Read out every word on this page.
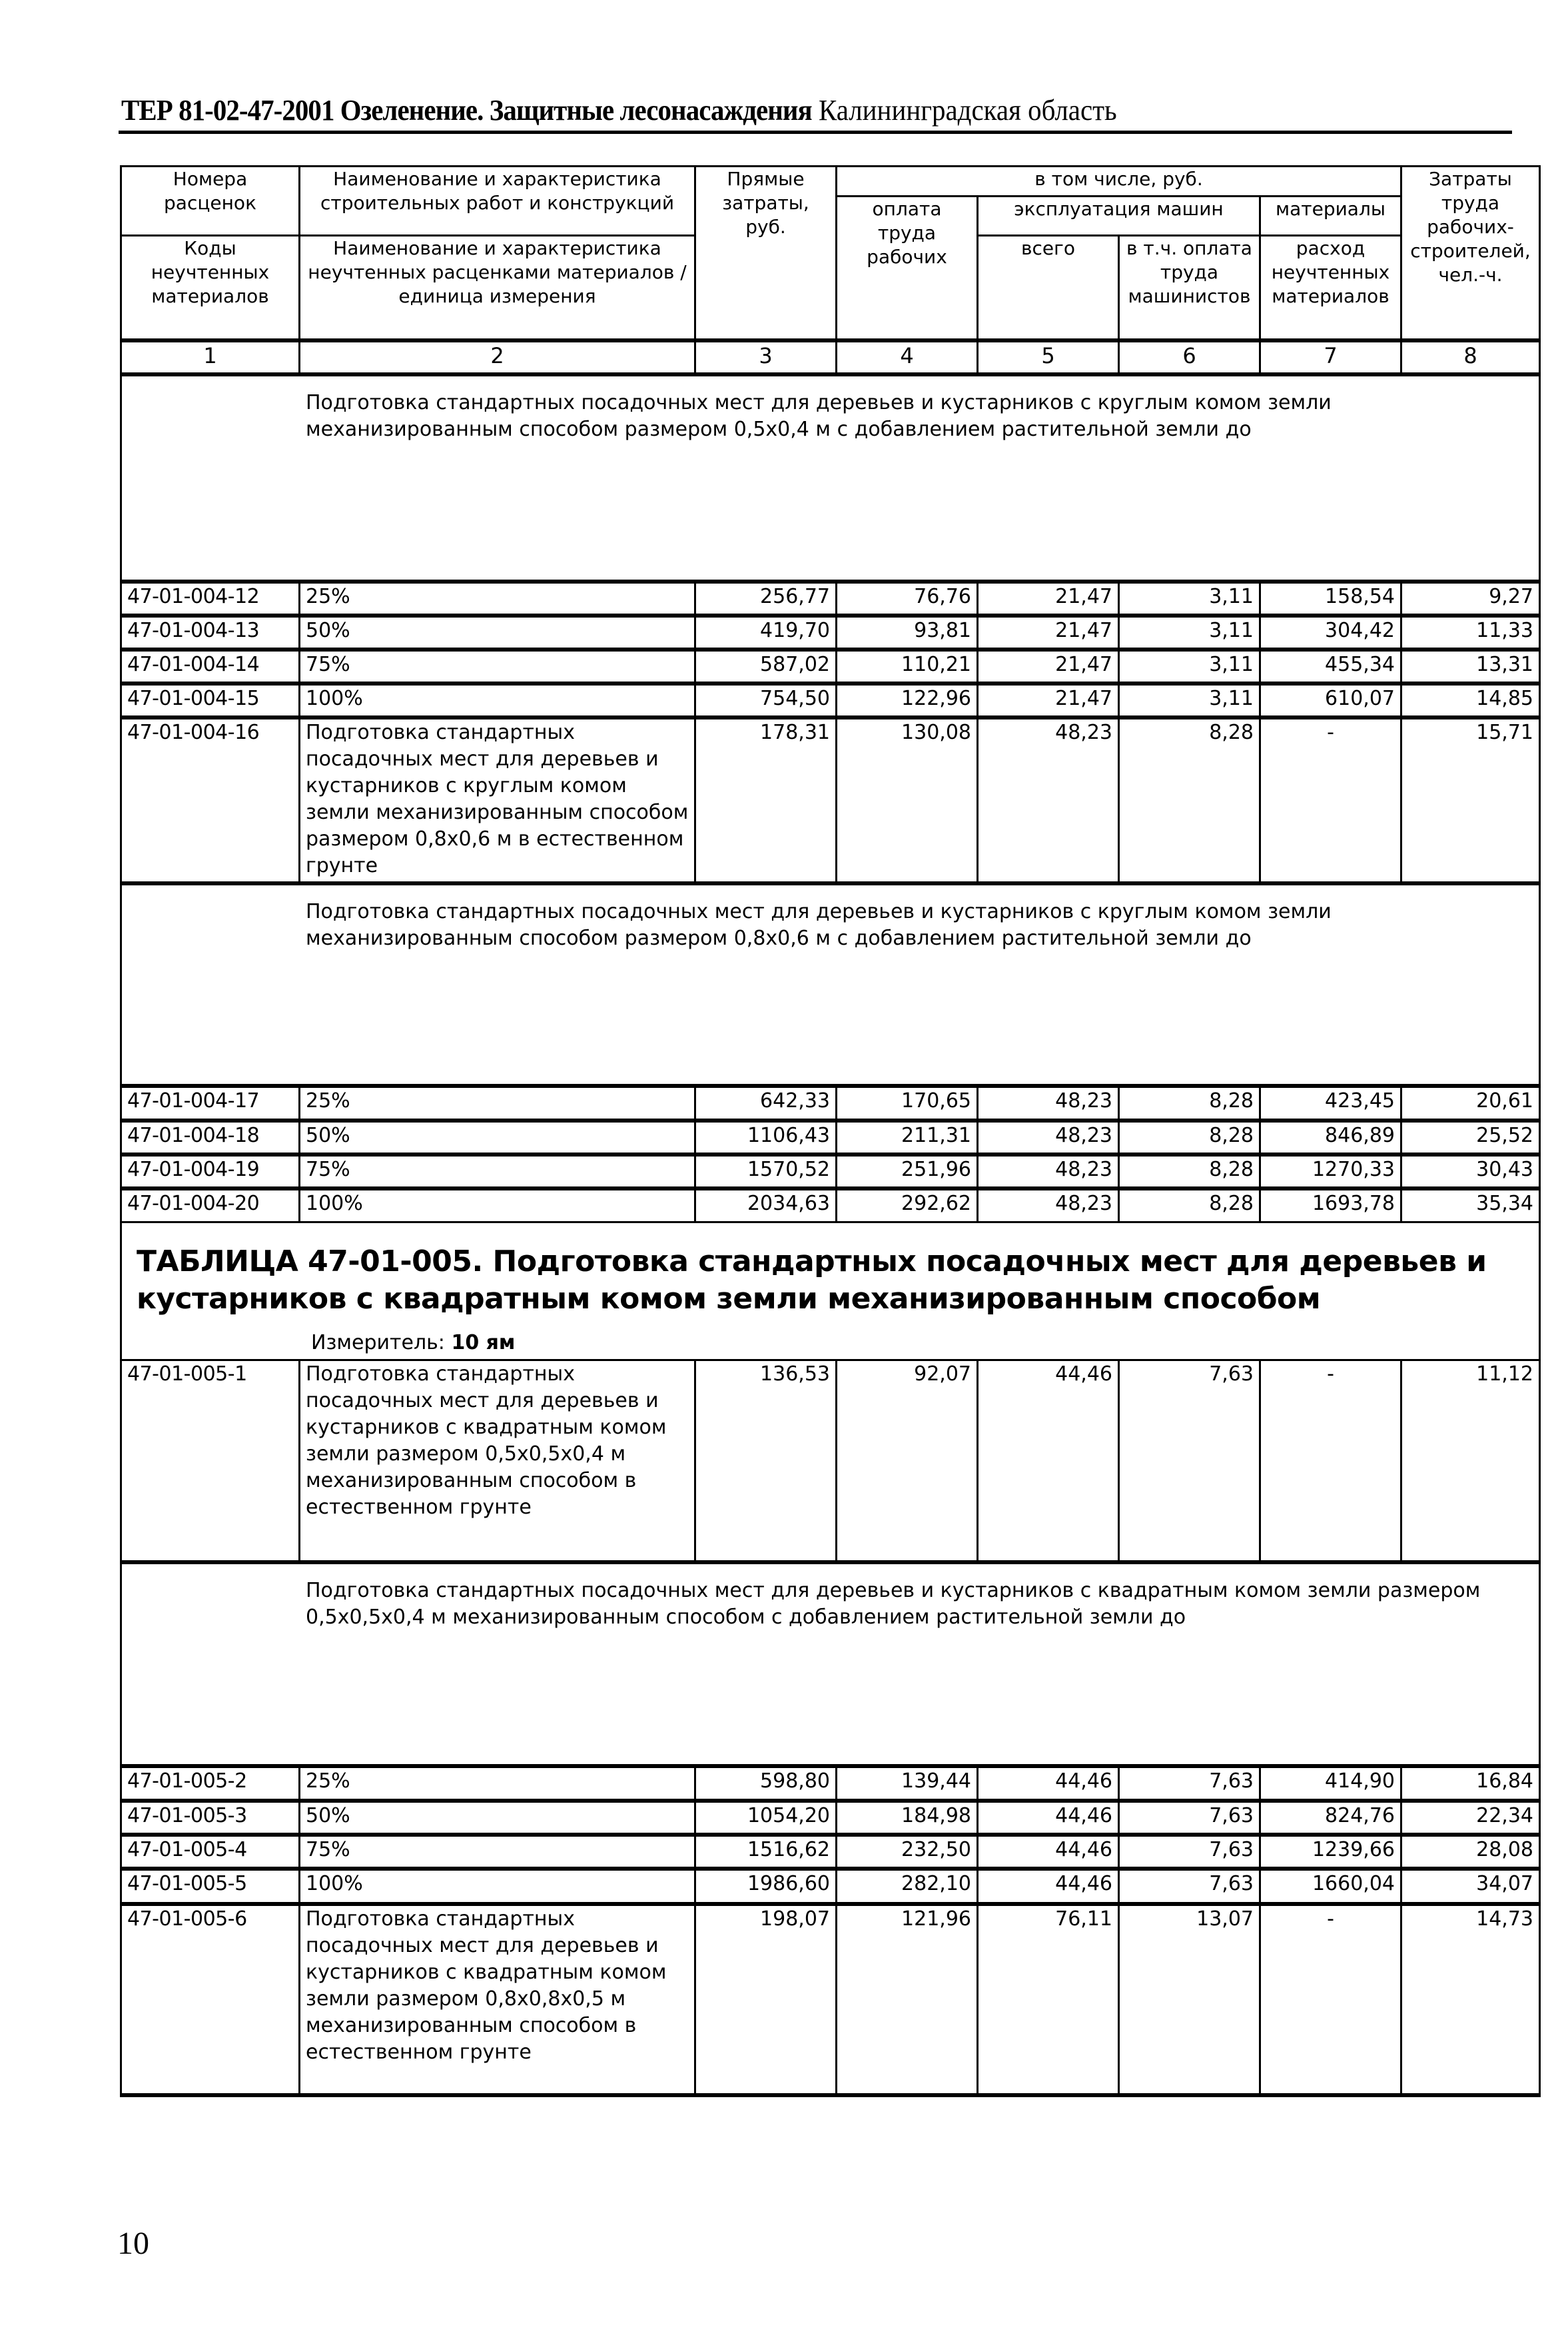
ТЕР 81-02-47-2001 Озеленение. Защитные лесонасаждения Калининградская область
Номера расценок	Наименование и характеристика строительных работ и конструкций	Прямые затраты, руб.	в том числе, руб.				Затраты труда рабочих-строителей, чел.-ч.
			оплата труда рабочих	эксплуатация машин		материалы	
Коды неучтенных материалов	Наименование и характеристика неучтенных расценками материалов / единица измерения			всего	в т.ч. оплата труда машинистов	расход неучтенных материалов	

1	2	3	4	5	6	7	8
Подготовка стандартных посадочных мест для деревьев и кустарников с круглым комом земли механизированным способом размером 0,5х0,4 м с добавлением растительной земли до							
47-01-004-12	25%	256,77	76,76	21,47	3,11	158,54	9,27
47-01-004-13	50%	419,70	93,81	21,47	3,11	304,42	11,33
47-01-004-14	75%	587,02	110,21	21,47	3,11	455,34	13,31
47-01-004-15	100%	754,50	122,96	21,47	3,11	610,07	14,85
47-01-004-16	Подготовка стандартных посадочных мест для деревьев и кустарников с круглым комом земли механизированным способом размером 0,8х0,6 м в естественном грунте	178,31	130,08	48,23	8,28	-	15,71
Подготовка стандартных посадочных мест для деревьев и кустарников с круглым комом земли механизированным способом размером 0,8х0,6 м с добавлением растительной земли до							
47-01-004-17	25%	642,33	170,65	48,23	8,28	423,45	20,61
47-01-004-18	50%	1106,43	211,31	48,23	8,28	846,89	25,52
47-01-004-19	75%	1570,52	251,96	48,23	8,28	1270,33	30,43
47-01-004-20	100%	2034,63	292,62	48,23	8,28	1693,78	35,34

ТАБЛИЦА 47-01-005. Подготовка стандартных посадочных мест для деревьев и кустарников с квадратным комом земли механизированным способом
Измеритель: 10 ям							

47-01-005-1	Подготовка стандартных посадочных мест для деревьев и кустарников с квадратным комом земли размером 0,5х0,5х0,4 м механизированным способом в естественном грунте	136,53	92,07	44,46	7,63	-	11,12
Подготовка стандартных посадочных мест для деревьев и кустарников с квадратным комом земли размером 0,5х0,5х0,4 м механизированным способом с добавлением растительной земли до							
47-01-005-2	25%	598,80	139,44	44,46	7,63	414,90	16,84
47-01-005-3	50%	1054,20	184,98	44,46	7,63	824,76	22,34
47-01-005-4	75%	1516,62	232,50	44,46	7,63	1239,66	28,08
47-01-005-5	100%	1986,60	282,10	44,46	7,63	1660,04	34,07
47-01-005-6	Подготовка стандартных посадочных мест для деревьев и кустарников с квадратным комом земли размером 0,8х0,8х0,5 м механизированным способом в естественном грунте	198,07	121,96	76,11	13,07	-	14,73
10
